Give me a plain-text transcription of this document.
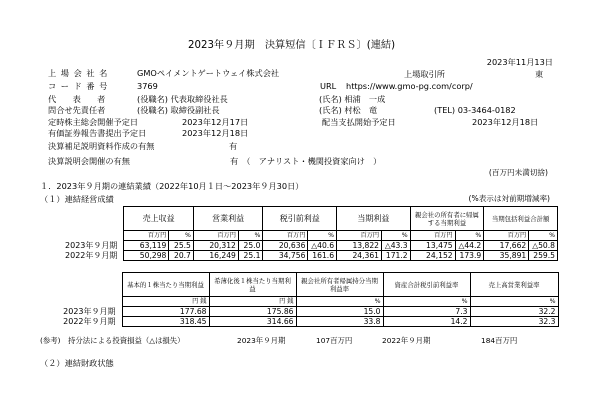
2023年９月期　決算短信〔ＩＦＲＳ〕(連結)
2023年11月13日
上 場 会 社 名	GMOペイメントゲートウェイ株式会社	上場取引所	東
コ ー ド 番 号	3769	URL https://www.gmo-pg.com/corp/
代　　表　　者	(役職名) 代表取締役社長	(氏名) 相浦　一成
問合せ先責任者	(役職名) 取締役副社長	(氏名) 村松　竜	(TEL) 03-3464-0182
定時株主総会開催予定日	2023年12月17日	配当支払開始予定日	2023年12月18日
有価証券報告書提出予定日	2023年12月18日
決算補足説明資料作成の有無	有
決算説明会開催の有無	有　（　アナリスト・機関投資家向け　）
(百万円未満切捨)
１．2023年９月期の連結業績（2022年10月１日～2023年９月30日）
（１）連結経営成績	(%表示は対前期増減率)
	売上収益		営業利益		税引前利益		当期利益		親会社の所有者に帰属する当期利益		当期包括利益合計額	
	百万円	%	百万円	%	百万円	%	百万円	%	百万円	%	百万円	%
2023年９月期	63,119	25.5	20,312	25.0	20,636	△40.6	13,822	△43.3	13,475	△44.2	17,662	△50.8
2022年９月期	50,298	20.7	16,249	25.1	34,756	161.6	24,361	171.2	24,152	173.9	35,891	259.5
	基本的１株当たり当期利益	希薄化後１株当たり当期利益	親会社所有者帰属持分当期利益率	資産合計税引前利益率	売上高営業利益率
	円 銭	円 銭	%	%	%
2023年９月期	177.68	175.86	15.0	7.3	32.2
2022年９月期	318.45	314.66	33.8	14.2	32.3
(参考) 持分法による投資損益（△は損失）	2023年９月期	107百万円	2022年９月期	184百万円
（２）連結財政状態
